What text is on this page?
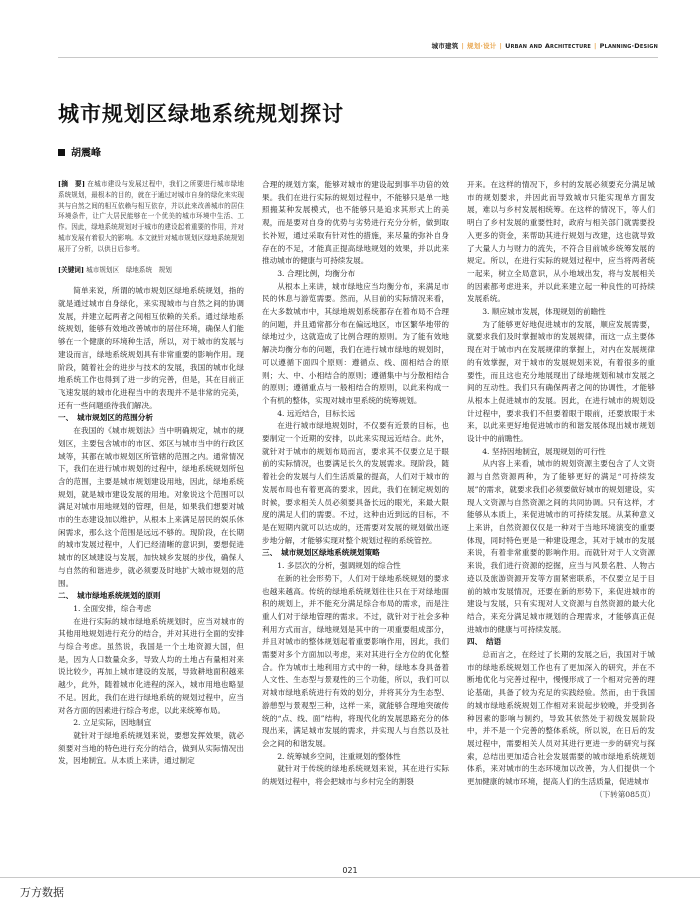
城市建筑 | 规划·设计 | Urban and Architecture | Planning·Design
城市规划区绿地系统规划探讨
胡震峰
[摘　要] 在城市建设与发展过程中，我们之所要进行城市绿地系统规划，最根本的目的，就在于通过对城市自身的绿化来实现其与自然之间的相互依赖与相互依存，并以此来改善城市的居住环境条件，让广大居民能够在一个优美的城市环境中生活、工作。因此，绿地系统规划对于城市的建设起着重要的作用，并对城市发展有着很大的影响。本文就针对城市规划区绿地系统规划展开了分析，以供日后参考。
[关键词] 城市规划区　绿地系统　规划

简单来说，所谓的城市规划区绿地系统规划，指的就是通过城市自身绿化，来实现城市与自然之间的协调发展，并建立起两者之间相互依赖的关系。通过绿地系统规划，能够有效地改善城市的居住环境，确保人们能够在一个健康的环境种生活，所以，对于城市的发展与建设而言，绿地系统规划具有非常重要的影响作用。现阶段，随着社会的进步与技术的发展，我国的城市化绿地系统工作也得到了进一步的完善，但是，其在目前正飞速发展的城市化进程当中的表现并不是非常的完美，还有一些问题亟待我们解决。

一、　城市规划区的范围分析

在我国的《城市规划法》当中明确规定，城市的规划区，主要包含城市的市区、郊区与城市当中的行政区域等，其都在城市规划区所管辖的范围之内。通常情况下，我们在进行城市规划的过程中，绿地系统规划所包含的范围，主要是城市规划建设用地，因此，绿地系统规划，就是城市建设发展的用地。对象说这个范围可以满足对城市用地规划的管理，但是，如果我们想要对城市的生态建设加以维护，从根本上来满足居民的娱乐休闲需求，那么这个范围是远远不够的。现阶段，在长期的城市发展过程中，人们已经清晰的意识到，要想促进城市的区域建设与发展，加快城乡发展的步伐，确保人与自然的和谐进步，就必须要及时地扩大城市规划的范围。

二、　城市绿地系统规划的原则
1. 全面安排，综合考虑

在进行实际的城市绿地系统规划时，应当对城市的其他用地规划进行充分的结合，并对其进行全面的安排与综合考虑。虽然说，我国是一个土地资源大国，但是，因为人口数量众多，导致人均的土地占有量相对来说比较少，再加上城市建设的发展，导致耕地面积越来越少，此外，随着城市化进程的深入，城市用地也略显不足。因此，我们在进行绿地系统的规划过程中，应当对各方面的因素进行综合考虑，以此来统筹布局。

2. 立足实际，因地制宜

就针对于绿地系统规划来说，要想发挥效果，就必须要对当地的特色进行充分的结合，做到从实际情况出发，因地制宜。从本质上来讲，通过制定

合理的规划方案，能够对城市的建设起到事半功倍的效果。我们在进行实际的规划过程中，不能够只是单一地照搬某种发展模式，也不能够只是追求其形式上的美观，而是要对自身的优势与劣势进行充分分析，做到取长补短，通过采取有针对性的措施，来尽量的弥补自身存在的不足，才能真正提高绿地规划的效果，并以此来推动城市的健康与可持续发展。

3. 合理比例，均衡分布

从根本上来讲，城市绿地应当均衡分布，来满足市民的休息与游览需要。然而，从目前的实际情况来看，在大多数城市中，其绿地规划系统都存在着布局不合理的问题，并且通常都分布在偏远地区，市区繁华地带的绿地过少，这就造成了比例合理的原则。为了能有效地解决均衡分布的问题，我们在进行城市绿地的规划时，可以遵循下面四个原则：遵循点、线、面相结合的原则；大、中、小相结合的原则；遵循集中与分散相结合的原则；遵循重点与一般相结合的原则，以此来构成一个有机的整体，实现对城市里系统的统筹规划。

4. 远近结合，目标长远

在进行城市绿地规划时，不仅要有近景的目标，也要制定一个近期的安排，以此来实现远近结合。此外，就针对于城市的规划布局而言，要求其不仅要立足于眼前的实际情况，也要满足长久的发展需求。现阶段，随着社会的发展与人们生活质量的提高，人们对于城市的发展布局也有着更高的要求，因此，我们在制定规划的时候，要求相关人员必须要具备长远的眼光，来最大限度的满足人们的需要。不过，这种由近到远的目标，不是在短期内就可以达成的，还需要对发展的规划做出逐步地分解，才能够实现对整个规划过程的系统管控。

三、　城市规划区绿地系统规划策略
1. 多层次的分析，强调规划的综合性

在新的社会形势下，人们对于绿地系统规划的要求也越来越高。传统的绿地系统规划往往只在于对绿地面积的规划上，并不能充分满足综合布局的需求，而是注重人们对于绿地管理的需求。不过，就针对于社会多种利用方式而言，绿地规划是其中的一项重要组成部分，并且对城市的整体规划起着重要影响作用，因此，我们需要对多个方面加以考虑，来对其进行全方位的优化整合。作为城市土地利用方式中的一种，绿地本身具备着人文性、生态型与景观性的三个功能，所以，我们可以对城市绿地系统进行有效的划分，并将其分为生态型、游憩型与景观型三种，这样一来，就能够合理地突破传统的“点、线、面”结构，将现代化的发展思路充分的体现出来，满足城市发展的需求，并实现人与自然以及社会之间的和谐发展。

2. 统筹城乡空间，注重规划的整体性

就针对于传统的绿地系统规划来说，其在进行实际的规划过程中，将会把城市与乡村完全的割裂

开来。在这样的情况下，乡村的发展必须要充分满足城市的规划要求，并因此而导致城市只能实现单方面发展，难以与乡村发展相统筹。在这样的情况下，等人们明白了乡村发展的重要性时，政府与相关部门就需要投入更多的资金，来帮助其进行规划与改建，这也就导致了大量人力与财力的流失，不符合目前城乡统筹发展的规定。所以，在进行实际的规划过程中，应当将两者统一起来，树立全局意识，从小地域出发，将与发展相关的因素都考虑进来，并以此来建立起一种良性的可持续发展系统。

3. 顺应城市发展，体现规划的前瞻性

为了能够更好地促进城市的发展，顺应发展需要，就要求我们及时掌握城市的发展规律，而这一点主要体现在对于城市内在发展规律的掌握上，对内在发展规律的有效掌握，对于城市的发展规划来说，有着很多的重要性，而且这也充分地展现出了绿地规划和城市发展之间的互动性。我们只有确保两者之间的协调性，才能够从根本上促进城市的发展。因此，在进行城市的规划设计过程中，要求我们不但要着眼于眼前，还要放眼于未来，以此来更好地促进城市的和谐发展体现出城市规划设计中的前瞻性。

4. 坚持因地制宜，展现规划的可行性

从内容上来看，城市的规划资源主要包含了人文资源与自然资源两种，为了能够更好的满足“可持续发展”的需求，就要求我们必须要做好城市的规划建设，实现人文资源与自然资源之间的共同协调。只有这样，才能够从本质上，来促进城市的可持续发展。从某种意义上来讲，自然资源仅仅是一种对于当地环境演变的重要体现，同时特色更是一种建设理念，其对于城市的发展来说，有着非常重要的影响作用。而就针对于人文资源来说，我们进行资源的挖掘，应当与风景名胜、人物古迹以及旅游资源开发等方面紧密联系，不仅要立足于目前的城市发展情况，还要在新的形势下，来促进城市的建设与发展，只有实现对人文资源与自然资源的最大化结合，来充分满足城市规划的合理需求，才能够真正促进城市的健康与可持续发展。

四、　结语

总而言之，在经过了长期的发展之后，我国对于城市的绿地系统规划工作也有了更加深入的研究，并在不断地优化与完善过程中，慢慢形成了一个相对完善的理论基础，具备了较为充足的实践经验。然而，由于我国的城市绿地系统规划工作相对来说起步较晚，并受到各种因素的影响与制约，导致其依然处于初级发展阶段中，并不是一个完善的整体系统，所以说，在日后的发展过程中，需要相关人员对其进行更进一步的研究与探索，总结出更加适合社会发展需要的城市绿地系统规划体系，来对城市的生态环境加以改善，为人们提供一个更加健康的城市环境，提高人们的生活质量，促进城市

（下转第085页）
021
万方数据
